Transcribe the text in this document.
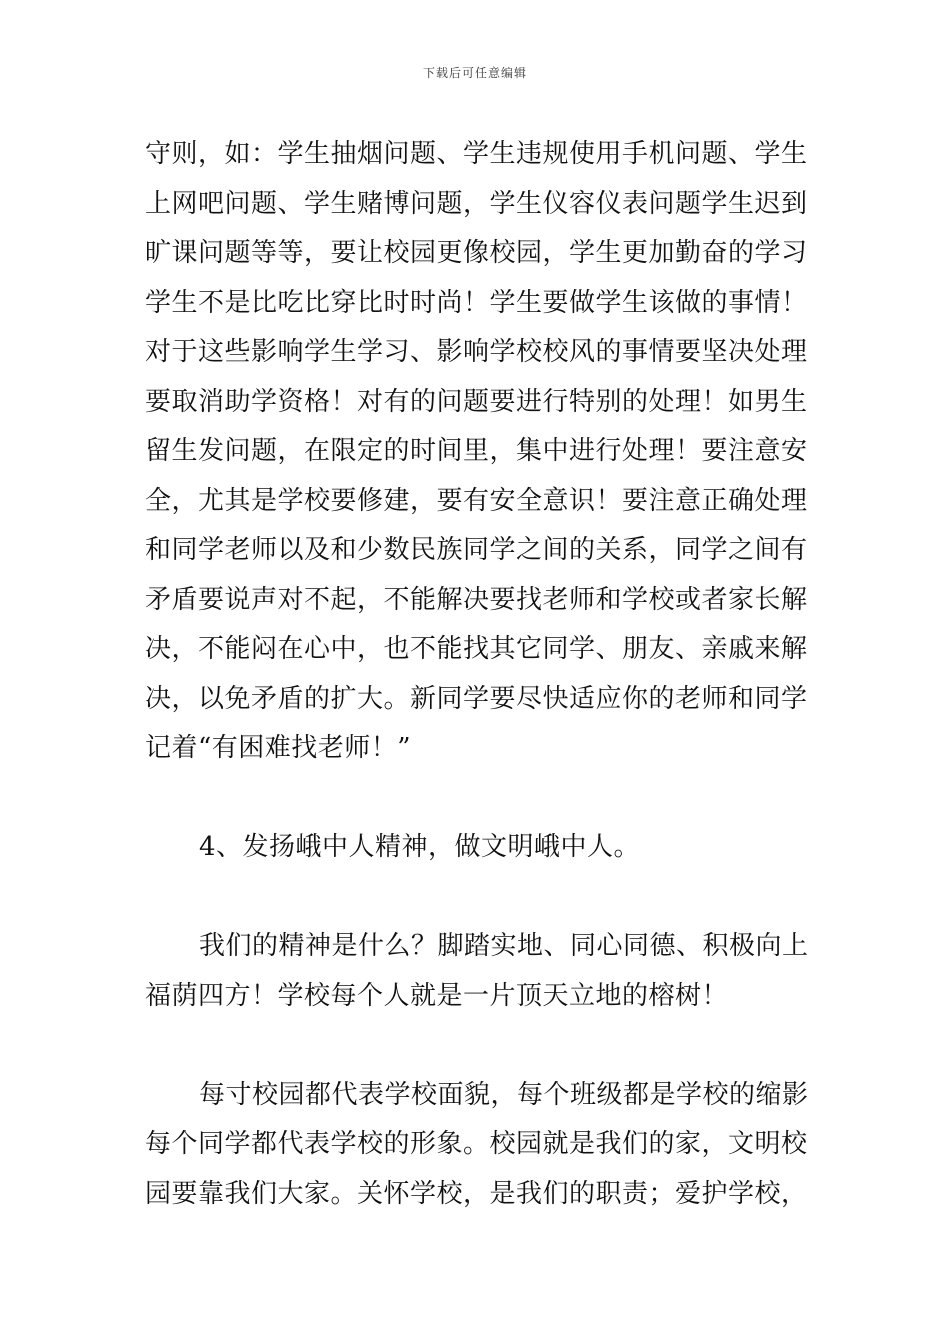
下载后可任意编辑
守则，如：学生抽烟问题、学生违规使用手机问题、学生
上网吧问题、学生赌博问题，学生仪容仪表问题学生迟到
旷课问题等等，要让校园更像校园，学生更加勤奋的学习
学生不是比吃比穿比时时尚！学生要做学生该做的事情！
对于这些影响学生学习、影响学校校风的事情要坚决处理
要取消助学资格！对有的问题要进行特别的处理！如男生
留生发问题，在限定的时间里，集中进行处理！要注意安
全，尤其是学校要修建，要有安全意识！要注意正确处理
和同学老师以及和少数民族同学之间的关系，同学之间有
矛盾要说声对不起，不能解决要找老师和学校或者家长解
决，不能闷在心中，也不能找其它同学、朋友、亲戚来解
决，以免矛盾的扩大。新同学要尽快适应你的老师和同学
记着“有困难找老师！”
4、发扬峨中人精神，做文明峨中人。
我们的精神是什么？脚踏实地、同心同德、积极向上
福荫四方！学校每个人就是一片顶天立地的榕树！
每寸校园都代表学校面貌，每个班级都是学校的缩影
每个同学都代表学校的形象。校园就是我们的家，文明校
园要靠我们大家。关怀学校，是我们的职责；爱护学校，
